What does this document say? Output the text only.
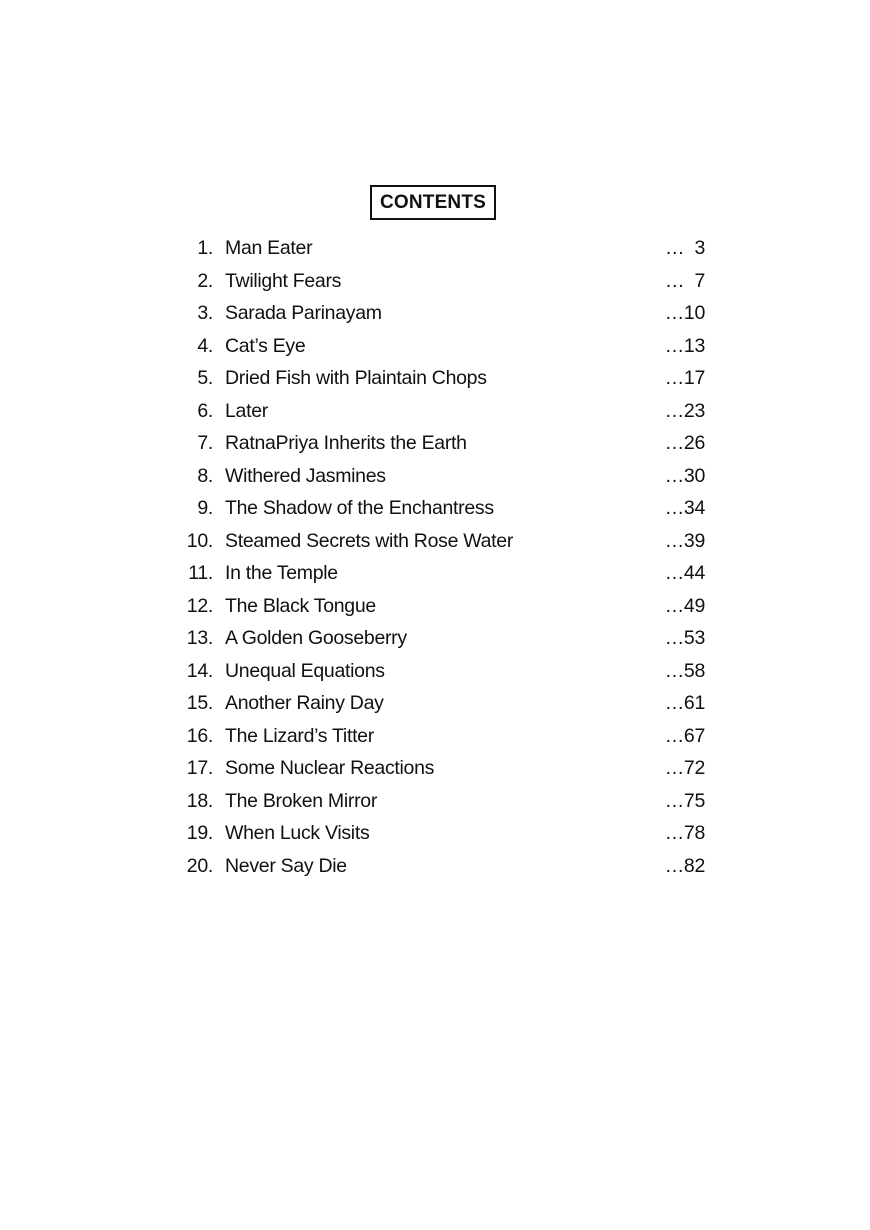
CONTENTS
1. Man Eater	…  3
2. Twilight Fears	…  7
3. Sarada Parinayam	…10
4. Cat’s Eye	…13
5. Dried Fish with Plaintain Chops	…17
6. Later	…23
7. RatnaPriya Inherits the Earth	…26
8. Withered Jasmines	…30
9. The Shadow of the Enchantress	…34
10. Steamed Secrets with Rose Water	…39
11. In the Temple	…44
12. The Black Tongue	…49
13. A Golden Gooseberry	…53
14. Unequal Equations	…58
15. Another Rainy Day	…61
16. The Lizard’s Titter	…67
17. Some Nuclear Reactions	…72
18. The Broken Mirror	…75
19. When Luck Visits	…78
20. Never Say Die	…82
